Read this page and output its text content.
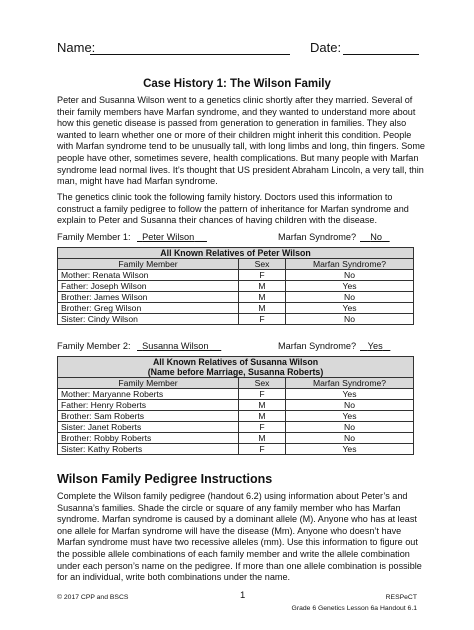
Name:	Date:
Case History 1: The Wilson Family
Peter and Susanna Wilson went to a genetics clinic shortly after they married. Several of their family members have Marfan syndrome, and they wanted to understand more about how this genetic disease is passed from generation to generation in families. They also wanted to learn whether one or more of their children might inherit this condition. People with Marfan syndrome tend to be unusually tall, with long limbs and long, thin fingers. Some people have other, sometimes severe, health complications. But many people with Marfan syndrome lead normal lives. It’s thought that US president Abraham Lincoln, a very tall, thin man, might have had Marfan syndrome.
The genetics clinic took the following family history. Doctors used this information to construct a family pedigree to follow the pattern of inheritance for Marfan syndrome and explain to Peter and Susanna their chances of having children with the disease.
Family Member 1:	Peter Wilson	Marfan Syndrome?	No
All Known Relatives of Peter Wilson		
Family Member	Sex	Marfan Syndrome?
Mother: Renata Wilson	F	No
Father: Joseph Wilson	M	Yes
Brother: James Wilson	M	No
Brother: Greg Wilson	M	Yes
Sister: Cindy Wilson	F	No
Family Member 2:	Susanna Wilson	Marfan Syndrome?	Yes
All Known Relatives of Susanna Wilson
(Name before Marriage, Susanna Roberts)		

Family Member	Sex	Marfan Syndrome?
Mother: Maryanne Roberts	F	Yes
Father: Henry Roberts	M	No
Brother: Sam Roberts	M	Yes
Sister: Janet Roberts	F	No
Brother: Robby Roberts	M	No
Sister: Kathy Roberts	F	Yes
Wilson Family Pedigree Instructions
Complete the Wilson family pedigree (handout 6.2) using information about Peter’s and Susanna’s families. Shade the circle or square of any family member who has Marfan syndrome. Marfan syndrome is caused by a dominant allele (M). Anyone who has at least one allele for Marfan syndrome will have the disease (Mm). Anyone who doesn’t have Marfan syndrome must have two recessive alleles (mm). Use this information to figure out the possible allele combinations of each family member and write the allele combination under each person’s name on the pedigree. If more than one allele combination is possible for an individual, write both combinations under the name.
© 2017 CPP and BSCS	1	RESPeCT
Grade 6 Genetics Lesson 6a Handout 6.1
